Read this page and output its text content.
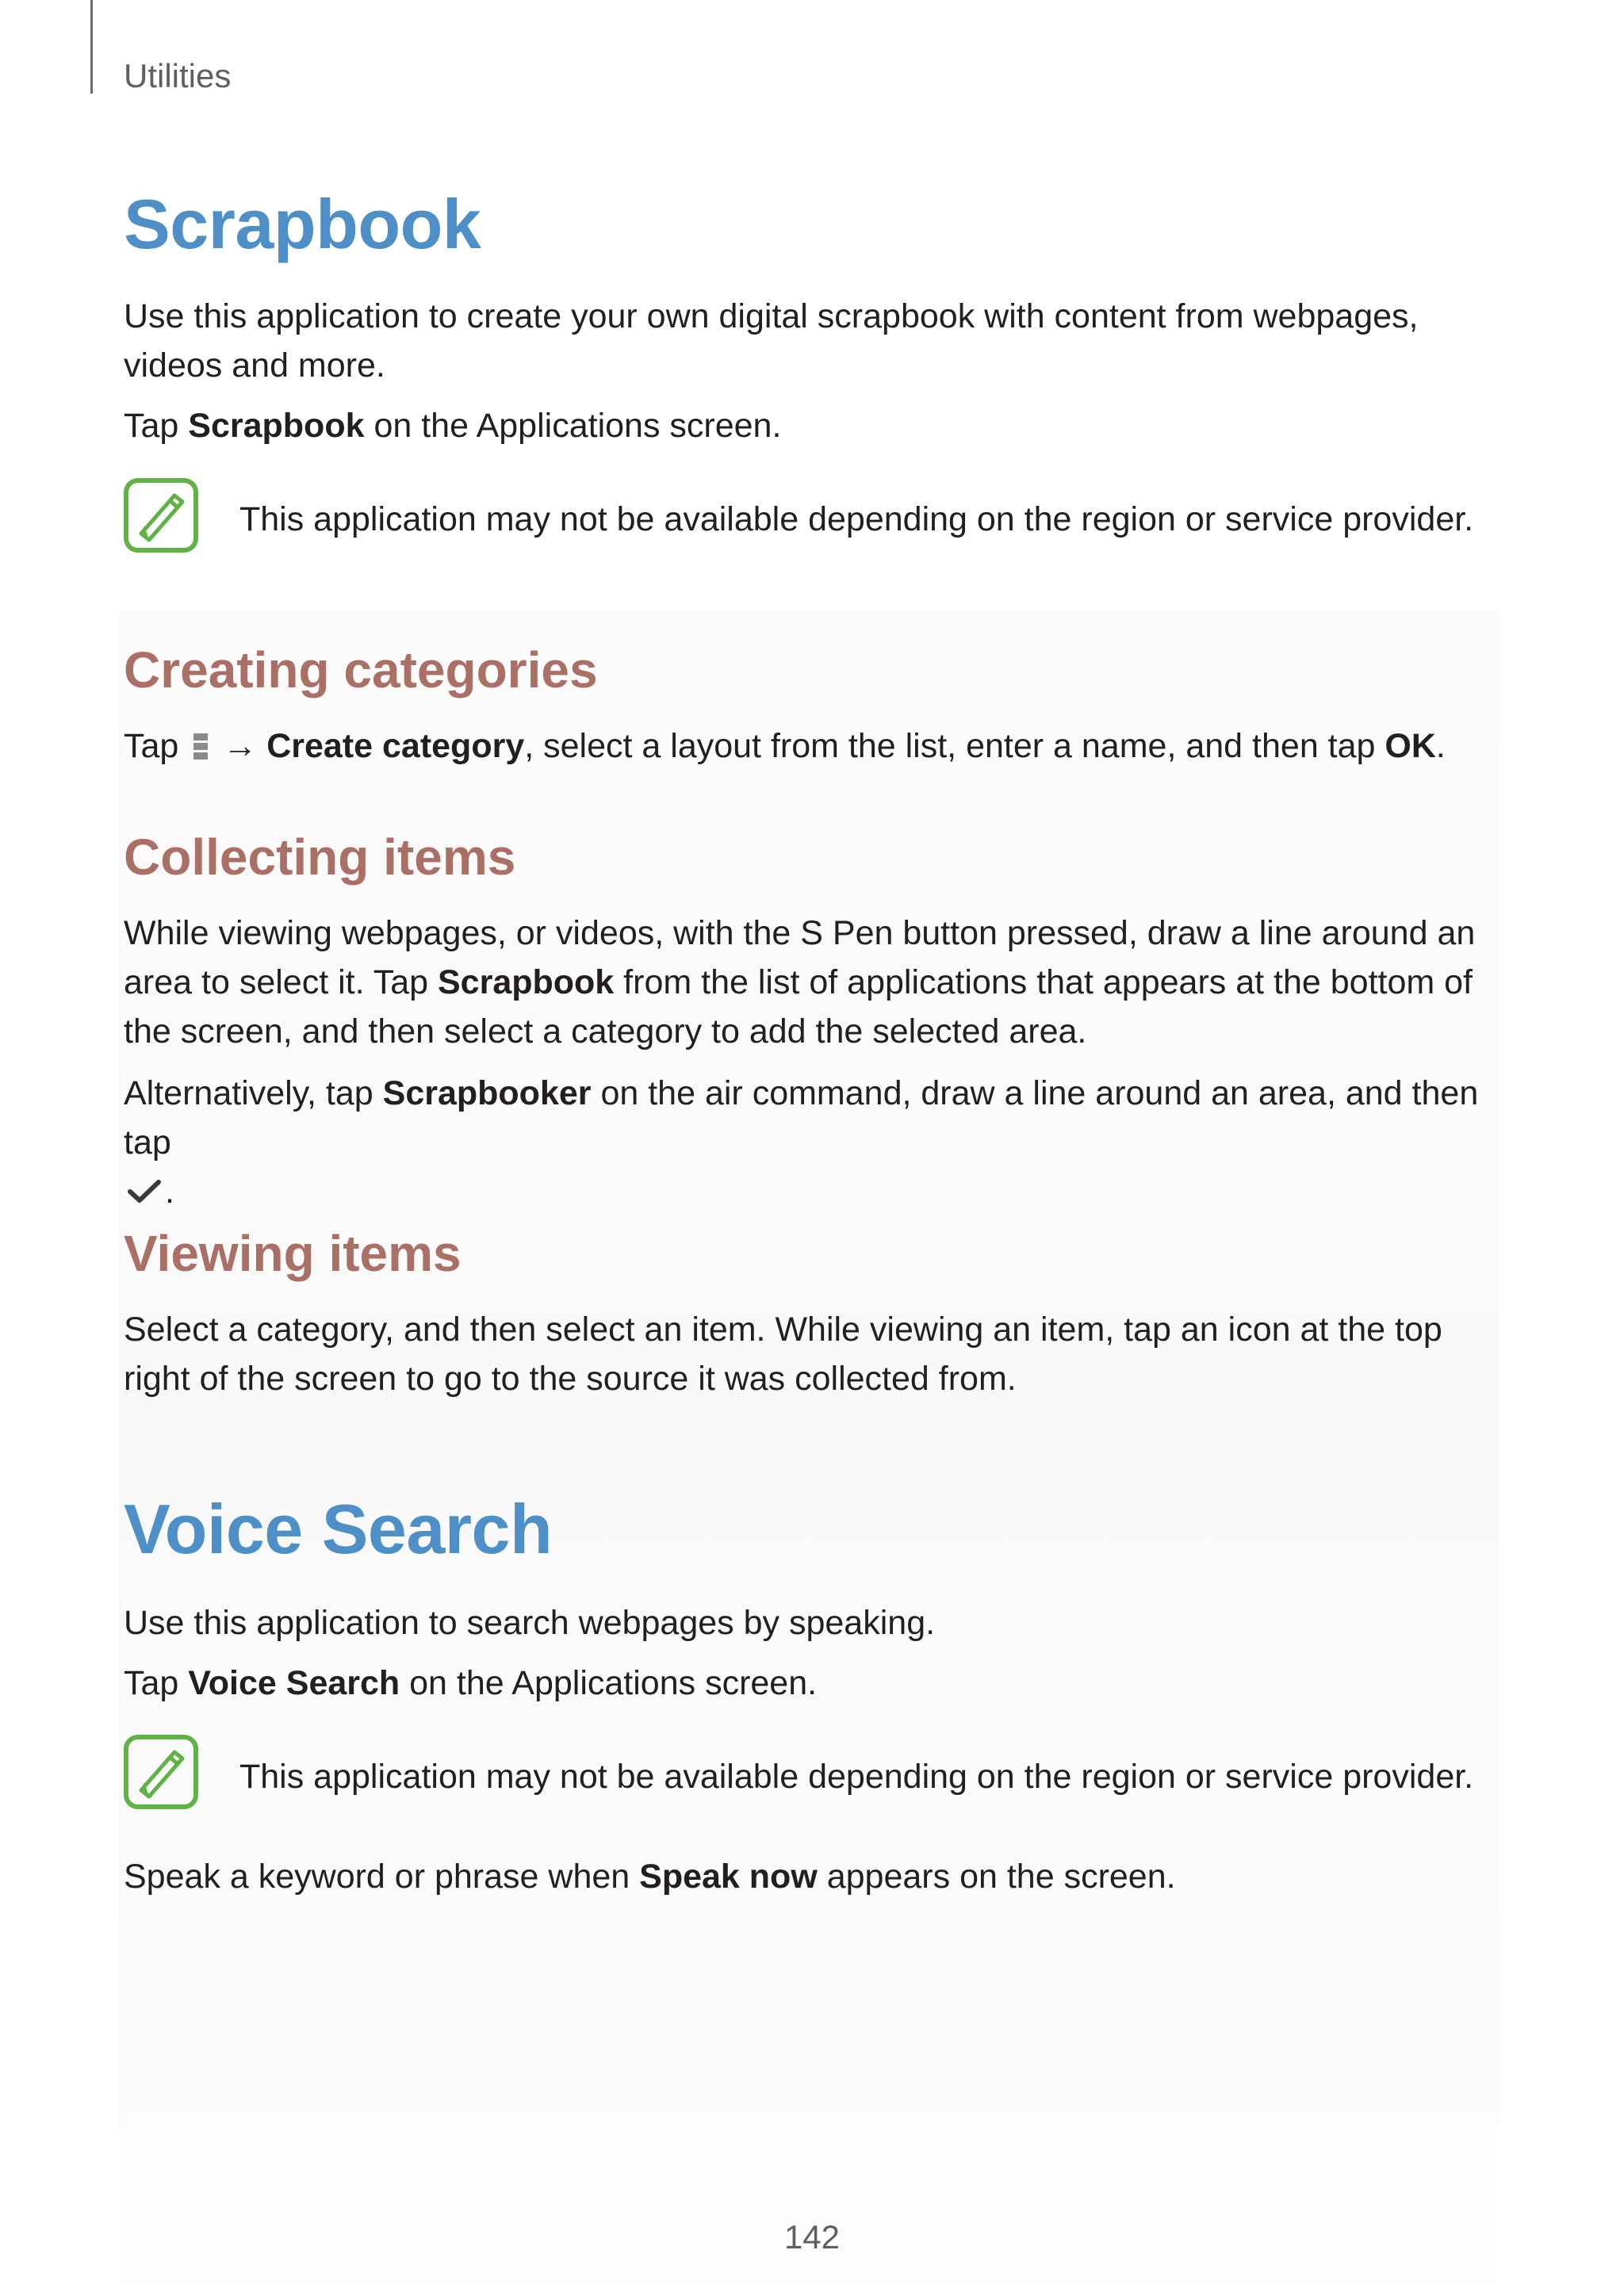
Utilities
Scrapbook
Use this application to create your own digital scrapbook with content from webpages, videos and more.
Tap Scrapbook on the Applications screen.
This application may not be available depending on the region or service provider.
Creating categories
Tap
→ Create category, select a layout from the list, enter a name, and then tap OK.
Collecting items
While viewing webpages, or videos, with the S Pen button pressed, draw a line around an area to select it. Tap Scrapbook from the list of applications that appears at the bottom of the screen, and then select a category to add the selected area.
Alternatively, tap Scrapbooker on the air command, draw a line around an area, and then tap
.
Viewing items
Select a category, and then select an item. While viewing an item, tap an icon at the top right of the screen to go to the source it was collected from.
Voice Search
Use this application to search webpages by speaking.
Tap Voice Search on the Applications screen.
This application may not be available depending on the region or service provider.
Speak a keyword or phrase when Speak now appears on the screen.
142
